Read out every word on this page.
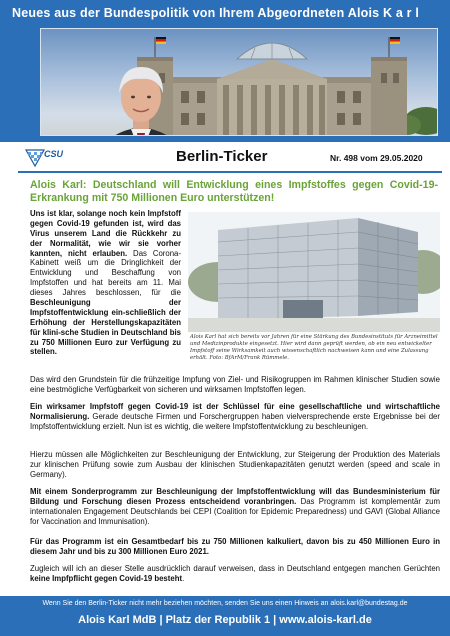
Neues aus der Bundespolitik von Ihrem Abgeordneten Alois K a r l
CSU	Berlin-Ticker	Nr. 498 vom 29.05.2020
Alois Karl: Deutschland will Entwicklung eines Impfstoffes gegen Covid-19-Erkrankung mit 750 Millionen Euro unterstützen!
Uns ist klar, solange noch kein Impfstoff gegen Covid-19 gefunden ist, wird das Virus unserem Land die Rückkehr zu der Normalität, wie wir sie vorher kannten, nicht erlauben. Das Corona-Kabinett weiß um die Dringlichkeit der Entwicklung und Beschaffung von Impfstoffen und hat bereits am 11. Mai dieses Jahres beschlossen, für die Beschleunigung der Impfstoffentwicklung ein-schließlich der Erhöhung der Herstellungskapazitäten für klini-sche Studien in Deutschland bis zu 750 Millionen Euro zur Verfügung zu stellen.
Alois Karl hat sich bereits vor Jahren für eine Stärkung des Bundesinstituts für Arzneimittel und Medizinprodukte eingesetzt. Hier wird dann geprüft werden, ob ein neu entwickelter Impfstoff seine Wirksamkeit auch wissenschaftlich nachweisen kann und eine Zulassung erhält. Foto: BfArM/Frank Rümmele.

Das wird den Grundstein für die frühzeitige Impfung von Ziel- und Risikogruppen im Rahmen klinischer Studien sowie eine bestmögliche Verfügbarkeit von sicheren und wirksamen Impfstoffen legen.

Ein wirksamer Impfstoff gegen Covid-19 ist der Schlüssel für eine gesellschaftliche und wirtschaftliche Normalisierung. Gerade deutsche Firmen und Forschergruppen haben vielversprechende erste Ergebnisse bei der Impfstoffentwicklung erzielt. Nun ist es wichtig, die weitere Impfstoffentwicklung zu beschleunigen.

Hierzu müssen alle Möglichkeiten zur Beschleunigung der Entwicklung, zur Steigerung der Produktion des Materials zur klinischen Prüfung sowie zum Ausbau der klinischen Studienkapazitäten genutzt werden (speed and scale in Germany).

Mit einem Sonderprogramm zur Beschleunigung der Impfstoffentwicklung will das Bundesministerium für Bildung und Forschung diesen Prozess entscheidend voranbringen. Das Programm ist komplementär zum internationalen Engagement Deutschlands bei CEPI (Coalition for Epidemic Preparedness) und GAVI (Global Alliance for Vaccination and Immunisation).

Für das Programm ist ein Gesamtbedarf bis zu 750 Millionen kalkuliert, davon bis zu 450 Millionen Euro in diesem Jahr und bis zu 300 Millionen Euro 2021.

Zugleich will ich an dieser Stelle ausdrücklich darauf verweisen, dass in Deutschland entgegen manchen Gerüchten keine Impfpflicht gegen Covid-19 besteht.

Wenn Sie den Berlin-Ticker nicht mehr beziehen möchten, senden Sie uns einen Hinweis an alois.karl@bundestag.de
Alois Karl MdB | Platz der Republik 1 | www.alois-karl.de
